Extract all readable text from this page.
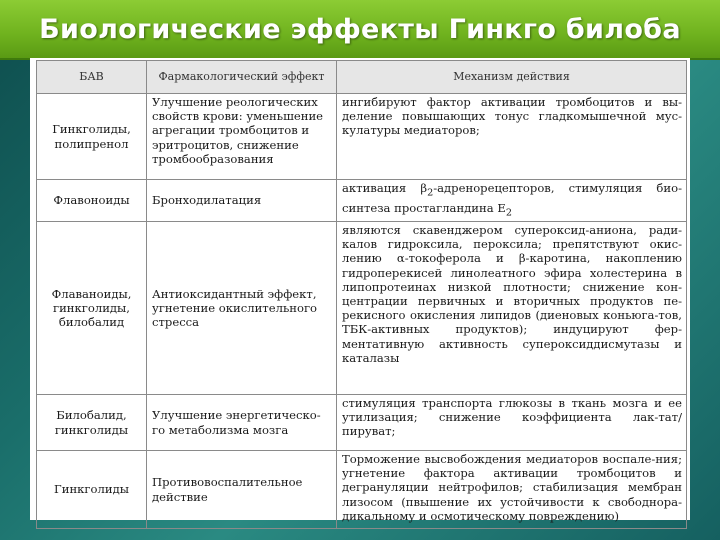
Биологические эффекты Гинкго билоба
БАВ	Фармакологический эффект	Механизм действия
Гинкголиды, полипренол	Улучшение реологических свойств крови: уменьшение агрегации тромбоцитов и эритроцитов, снижение тромбообразования	ингибируют фактор активации тромбоцитов и вы-деление повышающих тонус гладкомышечной мус-кулатуры медиаторов;
Флавоноиды	Бронходилатация	активация $\beta_2$-адренорецепторов, стимуляция био-синтеза простагландина $Е_2$
Флаваноиды, гинкголиды, билобалид	Антиоксидантный эффект, угнетение окислительного стресса	являются скавенджером супероксид-аниона, ради-калов гидроксила, пероксила; препятствуют окис-лению α-токоферола и β-каротина, накоплению гидроперекисей линолеатного эфира холестерина в липопротеинах низкой плотности; снижение кон-центрации первичных и вторичных продуктов пе-рекисного окисления липидов (диеновых коньюга-тов, ТБК-активных продуктов); индуцируют фер-ментативную активность супероксиддисмутазы и каталазы
Билобалид, гинкголиды	Улучшение энергетическо-го метаболизма мозга	стимуляция транспорта глюкозы в ткань мозга и ее утилизация; снижение коэффициента лак-тат/пируват;
Гинкголиды	Противовоспалительное действие	Торможение высвобождения медиаторов воспале-ния; угнетение фактора активации тромбоцитов и дегрануляции нейтрофилов; стабилизация мембран лизосом (пвышение их устойчивости к свободнора-дикальному и осмотическому повреждению)
